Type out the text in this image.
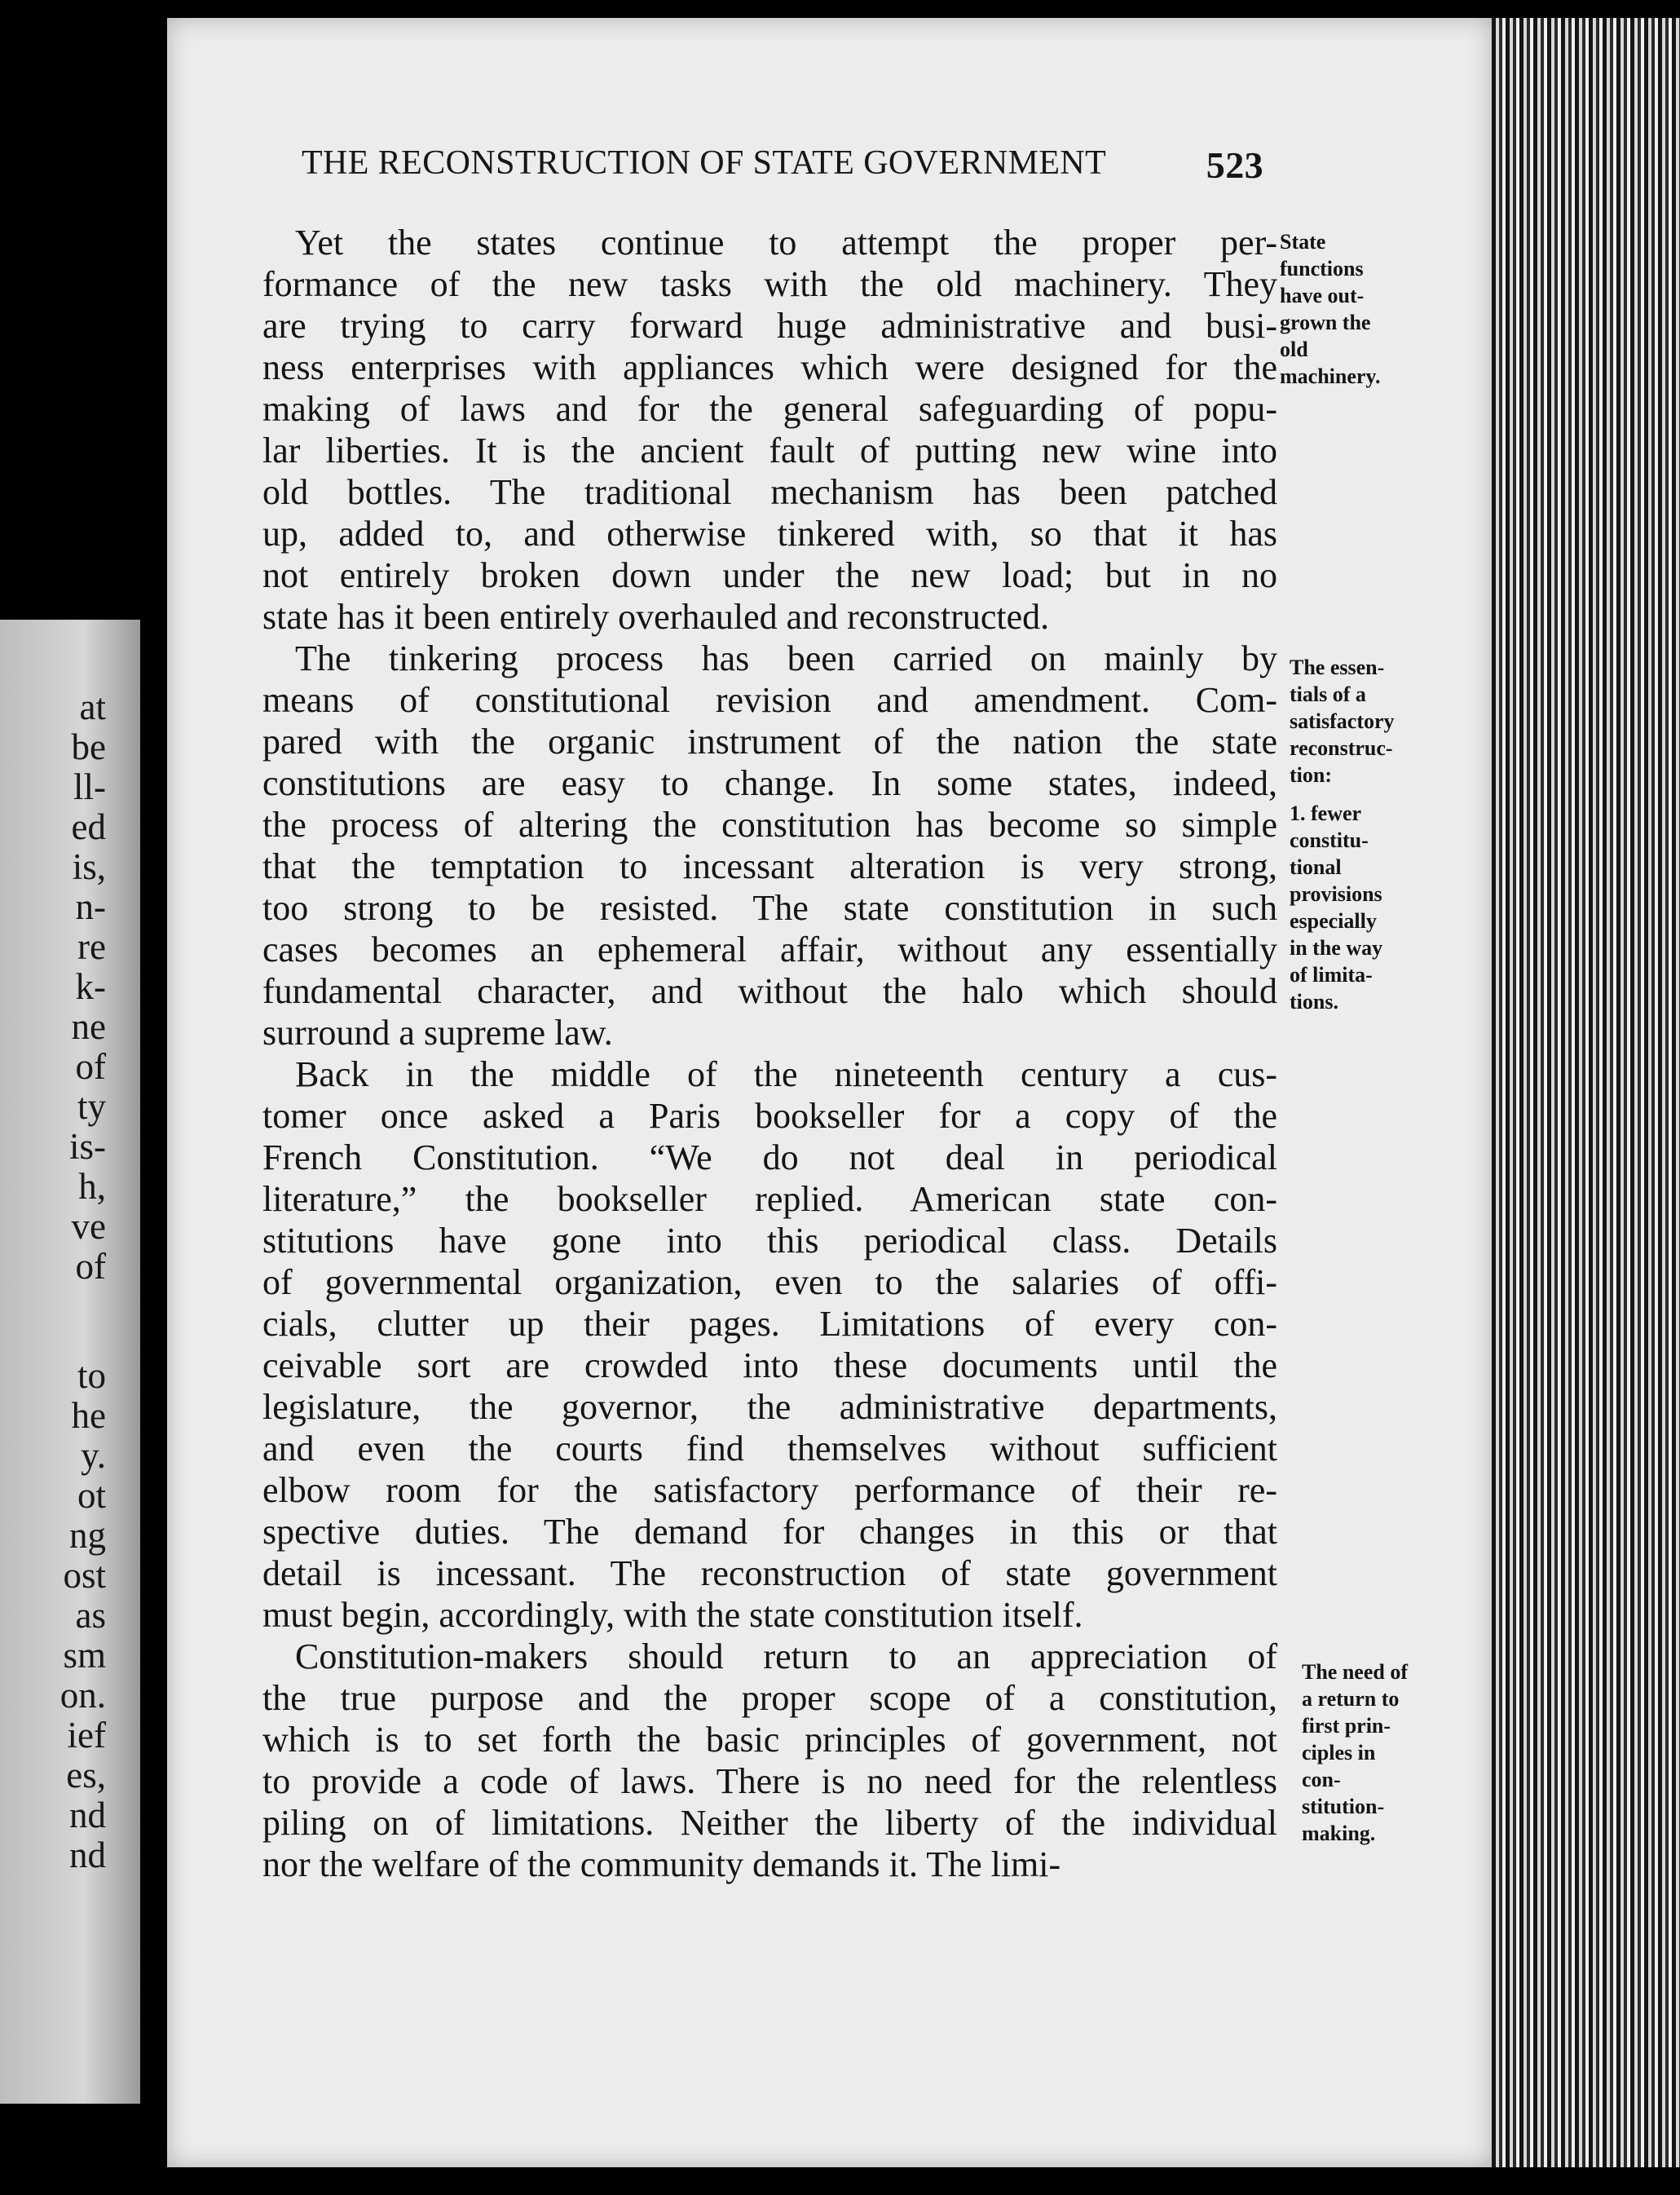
at
be
ll-
ed
is,
n-
re
k-
ne
of
ty
is-
h,
ve
of
to
he
y.
ot
ng
ost
as
sm
on.
ief
es,
nd
nd
THE RECONSTRUCTION OF STATE GOVERNMENT	523
Yet the states continue to attempt the proper per-
formance of the new tasks with the old machinery. They
are trying to carry forward huge administrative and busi-
ness enterprises with appliances which were designed for the
making of laws and for the general safeguarding of popu-
lar liberties. It is the ancient fault of putting new wine into
old bottles. The traditional mechanism has been patched
up, added to, and otherwise tinkered with, so that it has
not entirely broken down under the new load; but in no
state has it been entirely overhauled and reconstructed.
The tinkering process has been carried on mainly by
means of constitutional revision and amendment. Com-
pared with the organic instrument of the nation the state
constitutions are easy to change. In some states, indeed,
the process of altering the constitution has become so simple
that the temptation to incessant alteration is very strong,
too strong to be resisted. The state constitution in such
cases becomes an ephemeral affair, without any essentially
fundamental character, and without the halo which should
surround a supreme law.
Back in the middle of the nineteenth century a cus-
tomer once asked a Paris bookseller for a copy of the
French Constitution. “We do not deal in periodical
literature,” the bookseller replied. American state con-
stitutions have gone into this periodical class. Details
of governmental organization, even to the salaries of offi-
cials, clutter up their pages. Limitations of every con-
ceivable sort are crowded into these documents until the
legislature, the governor, the administrative departments,
and even the courts find themselves without sufficient
elbow room for the satisfactory performance of their re-
spective duties. The demand for changes in this or that
detail is incessant. The reconstruction of state government
must begin, accordingly, with the state constitution itself.
Constitution-makers should return to an appreciation of
the true purpose and the proper scope of a constitution,
which is to set forth the basic principles of government, not
to provide a code of laws. There is no need for the relentless
piling on of limitations. Neither the liberty of the individual
nor the welfare of the community demands it. The limi-
State
functions
have out-
grown the
old
machinery.
The essen-
tials of a
satisfactory
reconstruc-
tion:
1. fewer
constitu-
tional
provisions
especially
in the way
of limita-
tions.
The need of
a return to
first prin-
ciples in
con-
stitution-
making.
